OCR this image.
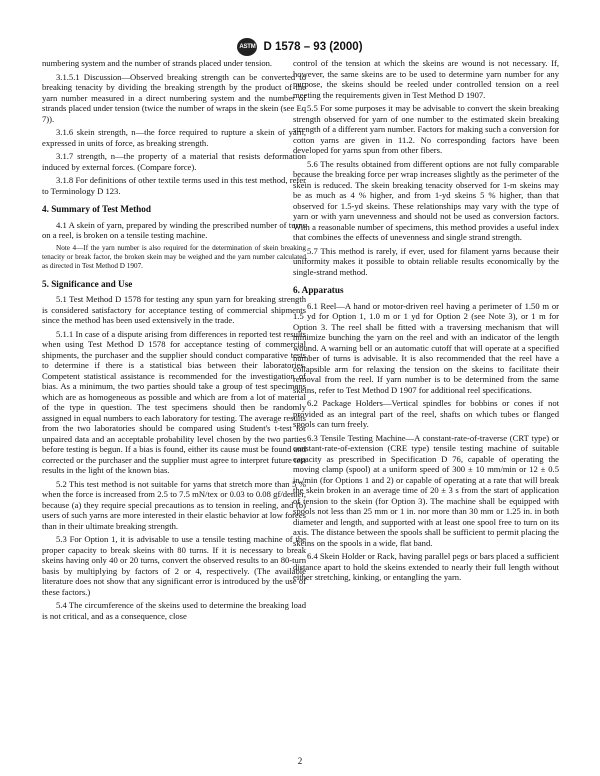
ASTM D 1578 – 93 (2000)

numbering system and the number of strands placed under tension.

3.1.5.1 Discussion—Observed breaking strength can be converted to breaking tenacity by dividing the breaking strength by the product of the yarn number measured in a direct numbering system and the number of strands placed under tension (twice the number of wraps in the skein (see Eq 7)).

3.1.6 skein strength, n—the force required to rupture a skein of yarn, expressed in units of force, as breaking strength.

3.1.7 strength, n—the property of a material that resists deformation induced by external forces. (Compare force).

3.1.8 For definitions of other textile terms used in this test method, refer to Terminology D 123.

4. Summary of Test Method

4.1 A skein of yarn, prepared by winding the prescribed number of turns on a reel, is broken on a tensile testing machine.

Note 4—If the yarn number is also required for the determination of skein breaking tenacity or break factor, the broken skein may be weighed and the yarn number calculated as directed in Test Method D 1907.

5. Significance and Use

5.1 Test Method D 1578 for testing any spun yarn for breaking strength is considered satisfactory for acceptance testing of commercial shipments since the method has been used extensively in the trade.

5.1.1 In case of a dispute arising from differences in reported test results when using Test Method D 1578 for acceptance testing of commercial shipments, the purchaser and the supplier should conduct comparative tests to determine if there is a statistical bias between their laboratories. Competent statistical assistance is recommended for the investigation of bias. As a minimum, the two parties should take a group of test specimens which are as homogeneous as possible and which are from a lot of material of the type in question. The test specimens should then be randomly assigned in equal numbers to each laboratory for testing. The average results from the two laboratories should be compared using Student's t-test for unpaired data and an acceptable probability level chosen by the two parties before testing is begun. If a bias is found, either its cause must be found and corrected or the purchaser and the supplier must agree to interpret future test results in the light of the known bias.

5.2 This test method is not suitable for yarns that stretch more than 5 % when the force is increased from 2.5 to 7.5 mN/tex or 0.03 to 0.08 gf/denier, because (a) they require special precautions as to tension in reeling, and (b) users of such yarns are more interested in their elastic behavior at low forces than in their ultimate breaking strength.

5.3 For Option 1, it is advisable to use a tensile testing machine of the proper capacity to break skeins with 80 turns. If it is necessary to break skeins having only 40 or 20 turns, convert the observed results to an 80-turn basis by multiplying by factors of 2 or 4, respectively. (The available literature does not show that any significant error is introduced by the use of these factors.)

5.4 The circumference of the skeins used to determine the breaking load is not critical, and as a consequence, close

control of the tension at which the skeins are wound is not necessary. If, however, the same skeins are to be used to determine yarn number for any purpose, the skeins should be reeled under controlled tension on a reel meeting the requirements given in Test Method D 1907.

5.5 For some purposes it may be advisable to convert the skein breaking strength observed for yarn of one number to the estimated skein breaking strength of a different yarn number. Factors for making such a conversion for cotton yarns are given in 11.2. No corresponding factors have been developed for yarns spun from other fibers.

5.6 The results obtained from different options are not fully comparable because the breaking force per wrap increases slightly as the perimeter of the skein is reduced. The skein breaking tenacity observed for 1-m skeins may be as much as 4 % higher, and from 1-yd skeins 5 % higher, than that observed for 1.5-yd skeins. These relationships may vary with the type of yarn or with yarn unevenness and should not be used as conversion factors. With a reasonable number of specimens, this method provides a useful index that combines the effects of unevenness and single strand strength.

5.7 This method is rarely, if ever, used for filament yarns because their uniformity makes it possible to obtain reliable results economically by the single-strand method.

6. Apparatus

6.1 Reel—A hand or motor-driven reel having a perimeter of 1.50 m or 1.5 yd for Option 1, 1.0 m or 1 yd for Option 2 (see Note 3), or 1 m for Option 3. The reel shall be fitted with a traversing mechanism that will minimize bunching the yarn on the reel and with an indicator of the length wound. A warning bell or an automatic cutoff that will operate at a specified number of turns is advisable. It is also recommended that the reel have a collapsible arm for relaxing the tension on the skeins to facilitate their removal from the reel. If yarn number is to be determined from the same skeins, refer to Test Method D 1907 for additional reel specifications.

6.2 Package Holders—Vertical spindles for bobbins or cones if not provided as an integral part of the reel, shafts on which tubes or flanged spools can turn freely.

6.3 Tensile Testing Machine—A constant-rate-of-traverse (CRT type) or constant-rate-of-extension (CRE type) tensile testing machine of suitable capacity as prescribed in Specification D 76, capable of operating the moving clamp (spool) at a uniform speed of 300 ± 10 mm/min or 12 ± 0.5 in./min (for Options 1 and 2) or capable of operating at a rate that will break the skein broken in an average time of 20 ± 3 s from the start of application of tension to the skein (for Option 3). The machine shall be equipped with spools not less than 25 mm or 1 in. nor more than 30 mm or 1.25 in. in both diameter and length, and supported with at least one spool free to turn on its axis. The distance between the spools shall be sufficient to permit placing the skeins on the spools in a wide, flat band.

6.4 Skein Holder or Rack, having parallel pegs or bars placed a sufficient distance apart to hold the skeins extended to nearly their full length without either stretching, kinking, or entangling the yarn.

2
